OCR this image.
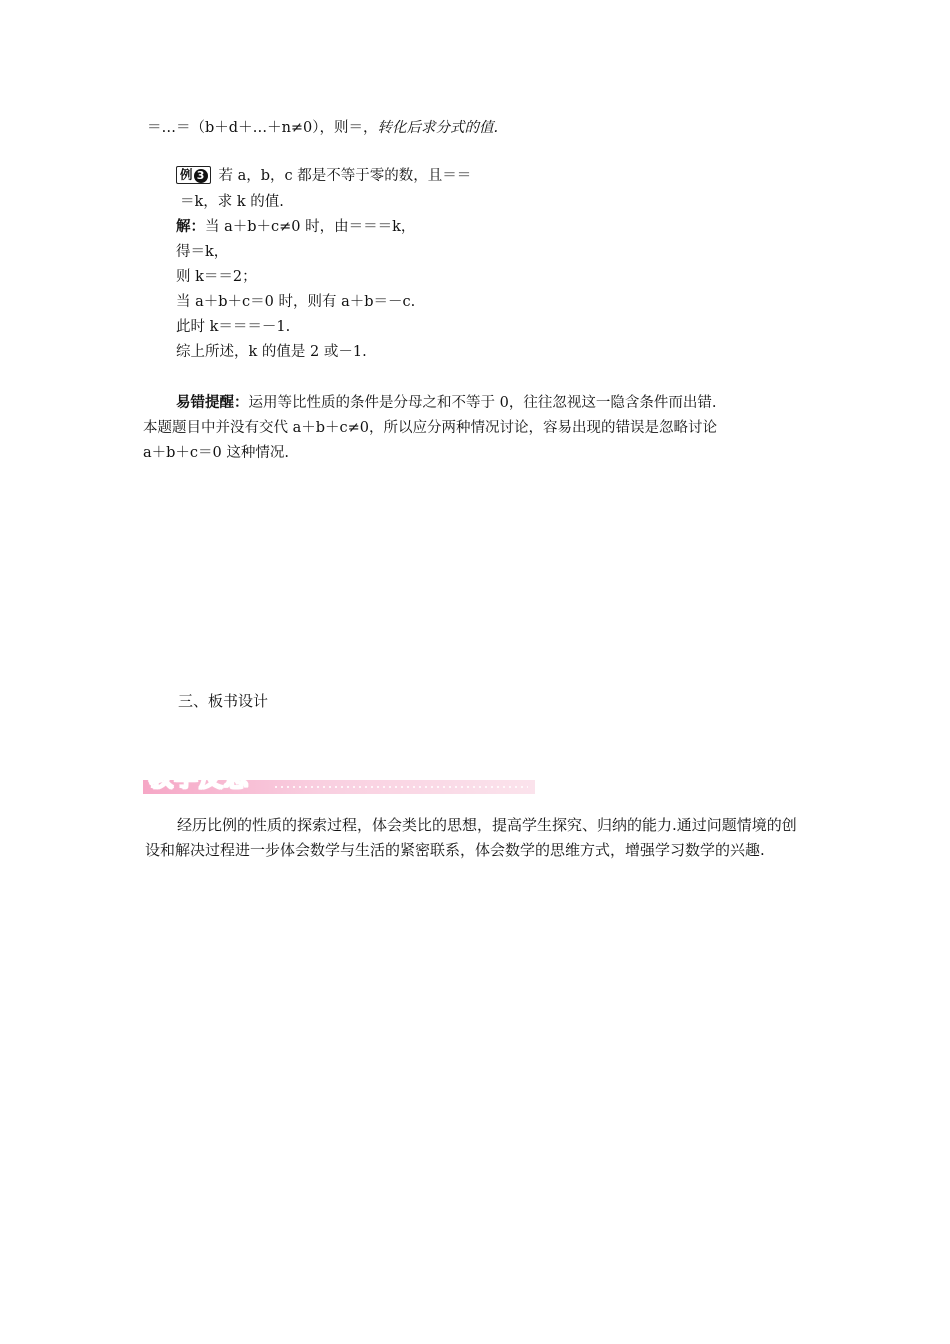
＝…＝（b＋d＋…＋n≠0），则＝，转化后求分式的值.
例 3 若 a，b，c 都是不等于零的数，且＝＝
＝k，求 k 的值.
解：当 a＋b＋c≠0 时，由＝＝＝k，
得＝k，
则 k＝＝2；
当 a＋b＋c＝0 时，则有 a＋b＝－c.
此时 k＝＝＝－1.
综上所述，k 的值是 2 或－1.
易错提醒：运用等比性质的条件是分母之和不等于 0，往往忽视这一隐含条件而出错.
本题题目中并没有交代 a＋b＋c≠0，所以应分两种情况讨论，容易出现的错误是忽略讨论
a＋b＋c＝0 这种情况.
三、板书设计
教学反思
经历比例的性质的探索过程，体会类比的思想，提高学生探究、归纳的能力.通过问题情境的创设和解决过程进一步体会数学与生活的紧密联系，体会数学的思维方式，增强学习数学的兴趣.
